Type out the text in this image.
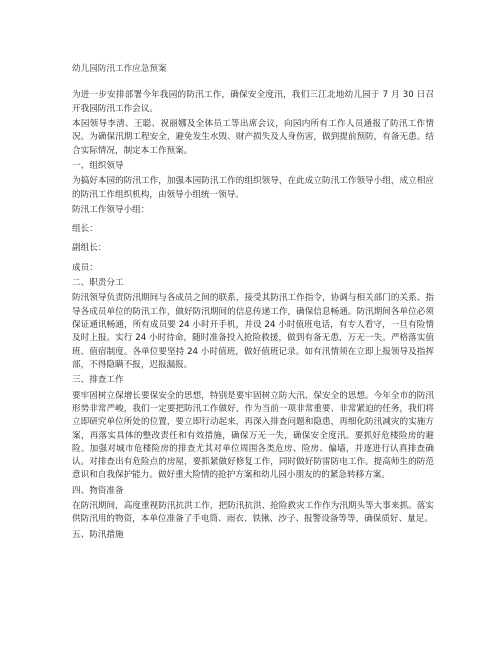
幼儿园防汛工作应急预案
为进一步安排部署今年我园的防汛工作，确保安全度汛，我们三江北地幼儿园于 7 月 30 日召开我园防汛工作会议。
本园领导李清、王聪、祝丽娜及全体员工等出席会议，向园内所有工作人员通报了防汛工作情况。为确保汛期工程安全，避免发生水毁、财产损失及人身伤害，做到提前预防，有备无患。结合实际情况，制定本工作预案。
一、组织领导
为搞好本园的防汛工作，加强本园防汛工作的组织领导，在此成立防汛工作领导小组，成立相应的防汛工作组织机构，由领导小组统一领导。
防汛工作领导小组：
组长：
副组长：
成员：
二、职责分工
防汛领导负责防汛期间与各成员之间的联系，接受其防汛工作指令，协调与相关部门的关系、指导各成员单位的防汛工作，做好防汛期间的信息传递工作，确保信息畅通。防汛期间各单位必须保证通讯畅通，所有成员要 24 小时开手机，并设 24 小时值班电话，有专人看守，一旦有险情及时上报。实行 24 小时待命，随时准备投入抢险救援，做到有备无患，万无一失。严格落实值班、值宿制度。各单位要坚持 24 小时值班，做好值班记录。如有汛情须在立即上报领导及指挥部，不得隐瞒不报，迟报漏报。
三、排查工作
要牢固树立保增长要保安全的思想，特别是要牢固树立防大汛、保安全的思想。今年全市的防汛形势非常严峻，我们一定要把防汛工作做好，作为当前一项非常重要、非常紧迫的任务，我们将立即研究单位所处的位置，要立即行动起来，再深入排查问题和隐患，再细化防汛减灾的实施方案，再落实具体的整改责任和有效措施，确保万无一失，确保安全度汛。要抓好危楼险房的避险。加强对城市危楼险房的排查尤其对单位周围各类危房、险房、偏墙，并逐进行认真排查确认。对排查出有危险点的房屋，要抓紧做好修复工作，同时做好防雷防电工作。提高师生的防范意识和自我保护能力。做好重大险情的抢护方案和幼儿园小朋友的的紧急转移方案。
四、物资准备
在防汛期间，高度重视防汛抗洪工作，把防汛抗洪、抢险救灾工作作为汛期头等大事来抓。落实供防汛用的物资，本单位准备了手电筒、雨衣、铁锹、沙子、报警设备等等，确保质好、量足。
五、防汛措施
